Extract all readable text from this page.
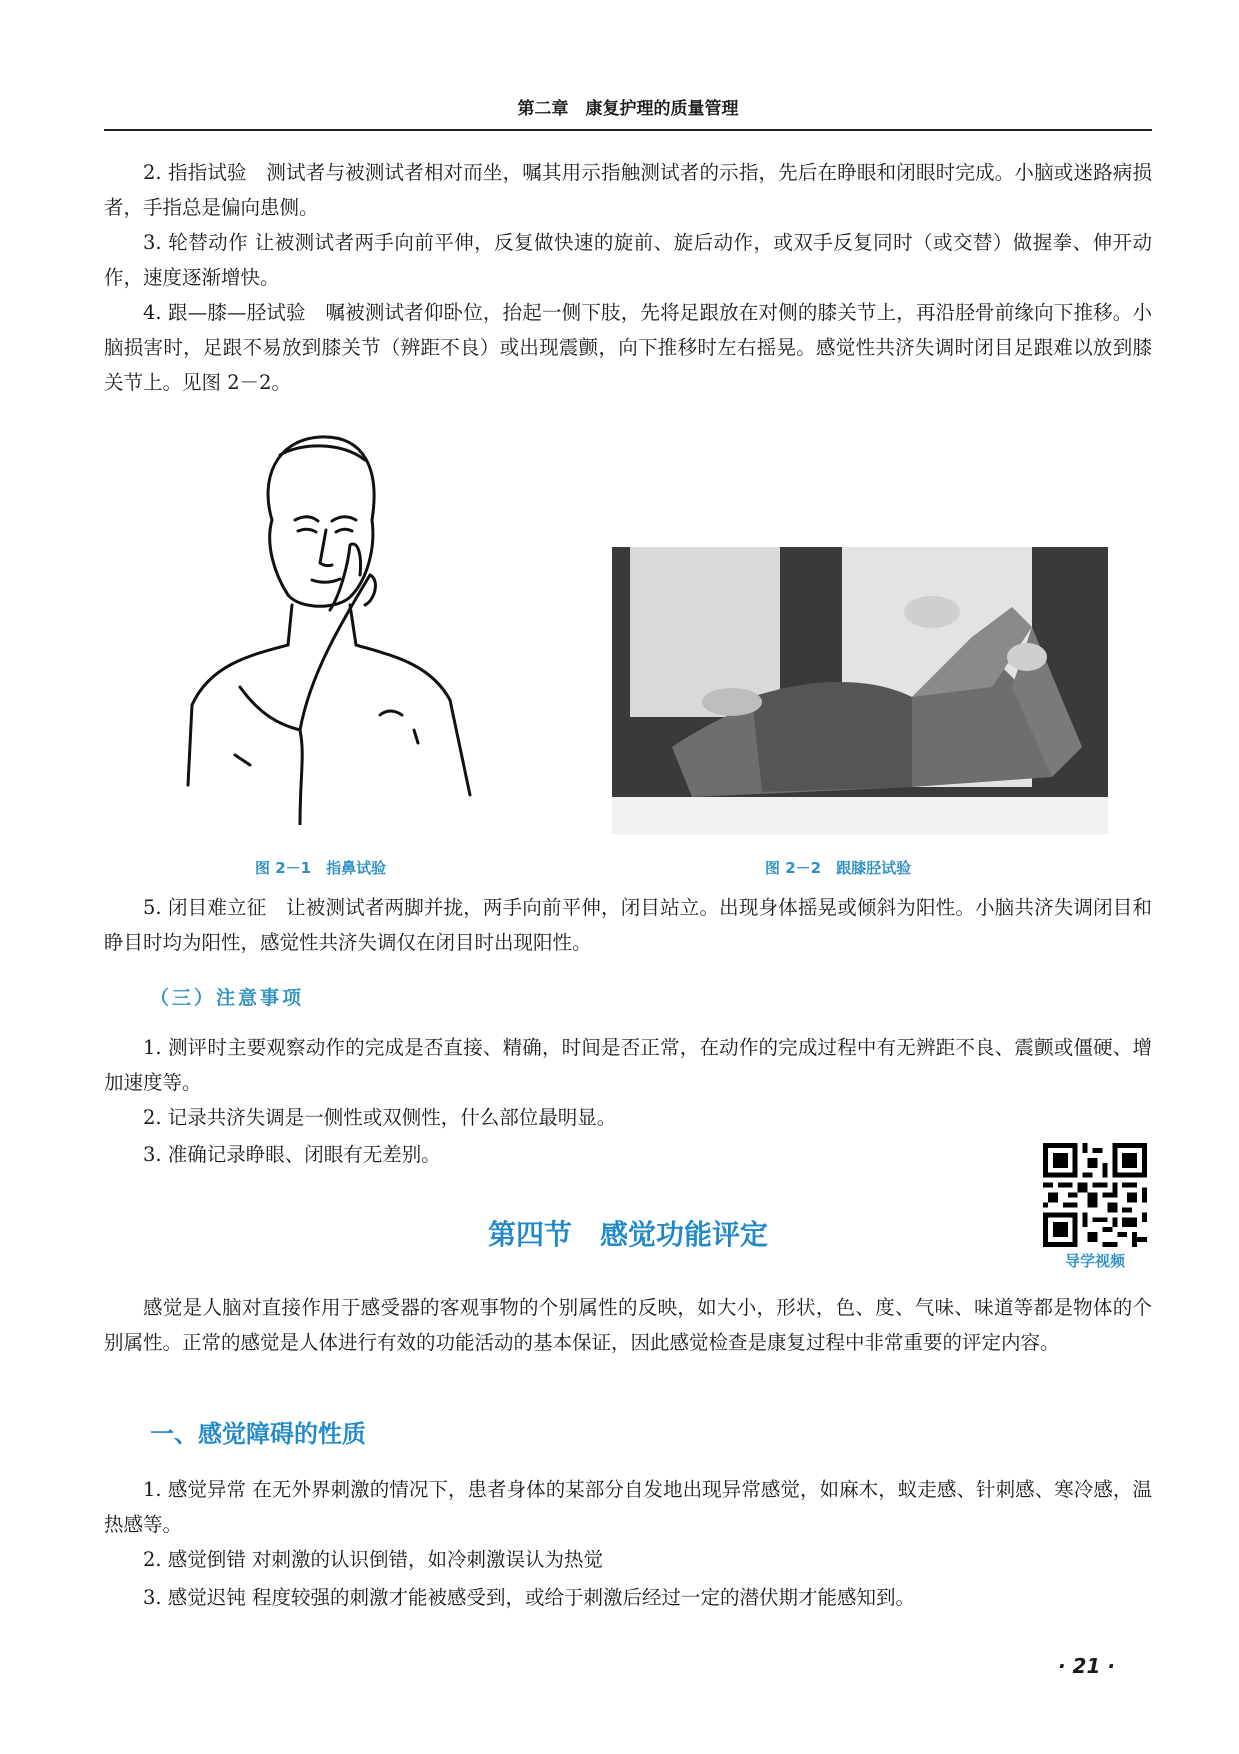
第二章　康复护理的质量管理

2. 指指试验　测试者与被测试者相对而坐，嘱其用示指触测试者的示指，先后在睁眼和闭眼时完成。小脑或迷路病损者，手指总是偏向患侧。

3. 轮替动作 让被测试者两手向前平伸，反复做快速的旋前、旋后动作，或双手反复同时（或交替）做握拳、伸开动作，速度逐渐增快。

4. 跟—膝—胫试验　嘱被测试者仰卧位，抬起一侧下肢，先将足跟放在对侧的膝关节上，再沿胫骨前缘向下推移。小脑损害时，足跟不易放到膝关节（辨距不良）或出现震颤，向下推移时左右摇晃。感觉性共济失调时闭目足跟难以放到膝关节上。见图 2－2。

图 2－1　指鼻试验	图 2－2　跟膝胫试验

5. 闭目难立征　让被测试者两脚并拢，两手向前平伸，闭目站立。出现身体摇晃或倾斜为阳性。小脑共济失调闭目和睁目时均为阳性，感觉性共济失调仅在闭目时出现阳性。

（三）注意事项

1. 测评时主要观察动作的完成是否直接、精确，时间是否正常，在动作的完成过程中有无辨距不良、震颤或僵硬、增加速度等。

2. 记录共济失调是一侧性或双侧性，什么部位最明显。

3. 准确记录睁眼、闭眼有无差别。

导学视频
第四节　感觉功能评定

感觉是人脑对直接作用于感受器的客观事物的个别属性的反映，如大小，形状，色、度、气味、味道等都是物体的个别属性。正常的感觉是人体进行有效的功能活动的基本保证，因此感觉检查是康复过程中非常重要的评定内容。

一、感觉障碍的性质

1. 感觉异常 在无外界刺激的情况下，患者身体的某部分自发地出现异常感觉，如麻木，蚁走感、针刺感、寒冷感，温热感等。

2. 感觉倒错 对刺激的认识倒错，如冷刺激误认为热觉

3. 感觉迟钝 程度较强的刺激才能被感受到，或给于刺激后经过一定的潜伏期才能感知到。

· 21 ·
